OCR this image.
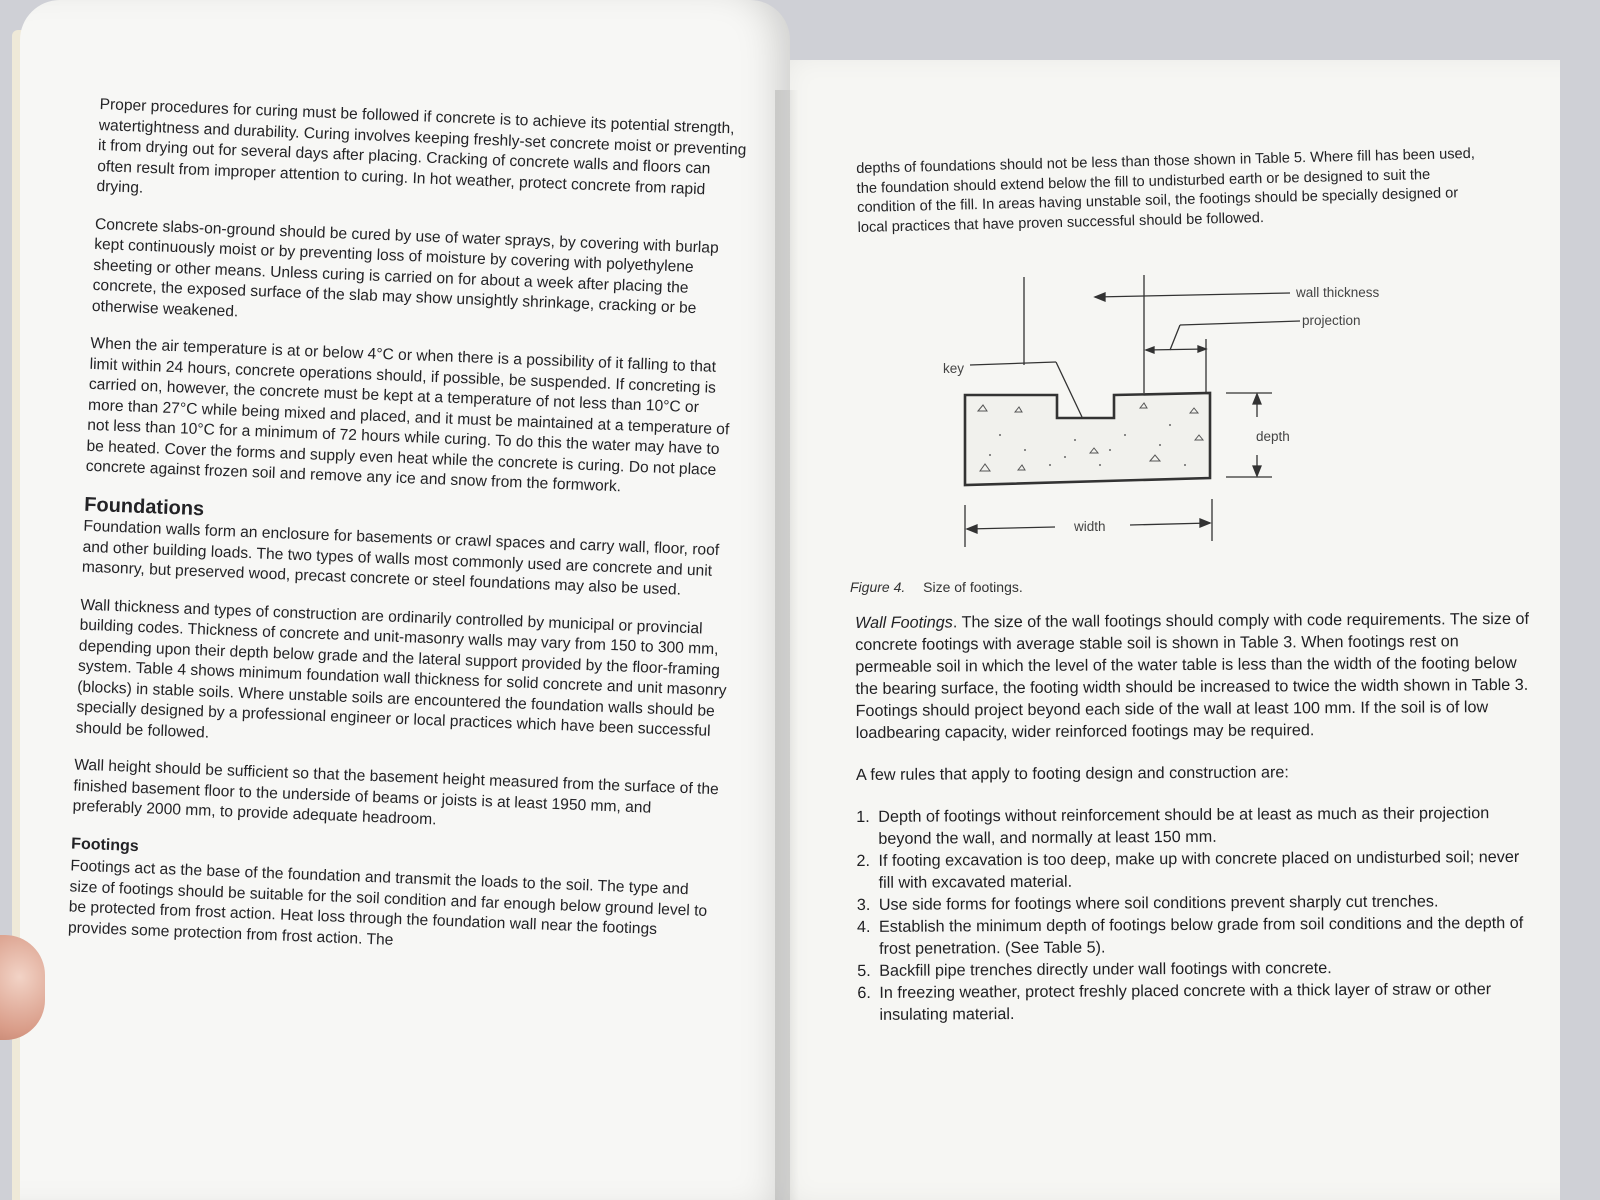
Proper procedures for curing must be followed if concrete is to achieve its potential strength, watertightness and durability. Curing involves keeping freshly-set concrete moist or preventing it from drying out for several days after placing. Cracking of concrete walls and floors can often result from improper attention to curing. In hot weather, protect concrete from rapid drying.

Concrete slabs-on-ground should be cured by use of water sprays, by covering with burlap kept continuously moist or by preventing loss of moisture by covering with polyethylene sheeting or other means. Unless curing is carried on for about a week after placing the concrete, the exposed surface of the slab may show unsightly shrinkage, cracking or be otherwise weakened.

When the air temperature is at or below 4°C or when there is a possibility of it falling to that limit within 24 hours, concrete operations should, if possible, be suspended. If concreting is carried on, however, the concrete must be kept at a temperature of not less than 10°C or more than 27°C while being mixed and placed, and it must be maintained at a temperature of not less than 10°C for a minimum of 72 hours while curing. To do this the water may have to be heated. Cover the forms and supply even heat while the concrete is curing. Do not place concrete against frozen soil and remove any ice and snow from the formwork.

Foundations

Foundation walls form an enclosure for basements or crawl spaces and carry wall, floor, roof and other building loads. The two types of walls most commonly used are concrete and unit masonry, but preserved wood, precast concrete or steel foundations may also be used.

Wall thickness and types of construction are ordinarily controlled by municipal or provincial building codes. Thickness of concrete and unit-masonry walls may vary from 150 to 300 mm, depending upon their depth below grade and the lateral support provided by the floor-framing system. Table 4 shows minimum foundation wall thickness for solid concrete and unit masonry (blocks) in stable soils. Where unstable soils are encountered the foundation walls should be specially designed by a professional engineer or local practices which have been successful should be followed.

Wall height should be sufficient so that the basement height measured from the surface of the finished basement floor to the underside of beams or joists is at least 1950 mm, and preferably 2000 mm, to provide adequate headroom.

Footings

Footings act as the base of the foundation and transmit the loads to the soil. The type and size of footings should be suitable for the soil condition and far enough below ground level to be protected from frost action. Heat loss through the foundation wall near the footings provides some protection from frost action. The

depths of foundations should not be less than those shown in Table 5. Where fill has been used, the foundation should extend below the fill to undisturbed earth or be designed to suit the condition of the fill. In areas having unstable soil, the footings should be specially designed or local practices that have proven successful should be followed.

wall thickness
projection
key
depth
width
Figure 4. Size of footings.

Wall Footings. The size of the wall footings should comply with code requirements. The size of concrete footings with average stable soil is shown in Table 3. When footings rest on permeable soil in which the level of the water table is less than the width of the footing below the bearing surface, the footing width should be increased to twice the width shown in Table 3. Footings should project beyond each side of the wall at least 100 mm. If the soil is of low loadbearing capacity, wider reinforced footings may be required.

A few rules that apply to footing design and construction are:

1. Depth of footings without reinforcement should be at least as much as their projection beyond the wall, and normally at least 150 mm.
2. If footing excavation is too deep, make up with concrete placed on undisturbed soil; never fill with excavated material.
3. Use side forms for footings where soil conditions prevent sharply cut trenches.
4. Establish the minimum depth of footings below grade from soil conditions and the depth of frost penetration. (See Table 5).
5. Backfill pipe trenches directly under wall footings with concrete.
6. In freezing weather, protect freshly placed concrete with a thick layer of straw or other insulating material.
